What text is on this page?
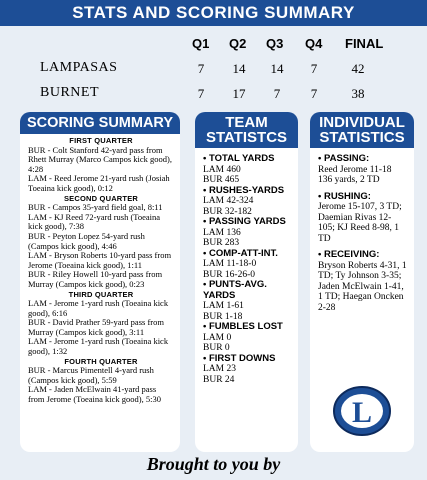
STATS AND SCORING SUMMARY
Q1 Q2 Q3 Q4 FINAL
LAMPASAS	7	14	14	7	42
BURNET	7	17	7	7	38
SCORING SUMMARY
FIRST QUARTER
BUR - Colt Stanford 42-yard pass from Rhett Murray (Marco Campos kick good), 4:28
LAM - Reed Jerome 21-yard rush (Josiah Toeaina kick good), 0:12
SECOND QUARTER
BUR - Campos 35-yard field goal, 8:11
LAM - KJ Reed 72-yard rush (Toeaina kick good), 7:38
BUR - Peyton Lopez 54-yard rush (Campos kick good), 4:46
LAM - Bryson Roberts 10-yard pass from Jerome (Toeaina kick good), 1:11
BUR - Riley Howell 10-yard pass from Murray (Campos kick good), 0:23
THIRD QUARTER
LAM - Jerome 1-yard rush (Toeaina kick good), 6:16
BUR - David Prather 59-yard pass from Murray (Campos kick good), 3:11
LAM - Jerome 1-yard rush (Toeaina kick good), 1:32
FOURTH QUARTER
BUR - Marcus Pimentell 4-yard rush (Campos kick good), 5:59
LAM - Jaden McElwain 41-yard pass from Jerome (Toeaina kick good), 5:30
TEAM
STATISTCS
• TOTAL YARDS
LAM 460
BUR 465
• RUSHES-YARDS
LAM 42-324
BUR 32-182
• PASSING YARDS
LAM 136
BUR 283
• COMP-ATT-INT.
LAM 11-18-0
BUR 16-26-0
• PUNTS-AVG. YARDS
LAM 1-61
BUR 1-18
• FUMBLES LOST
LAM 0
BUR 0
• FIRST DOWNS
LAM 23
BUR 24
INDIVIDUAL
STATISTICS
• PASSING:
Reed Jerome 11-18 136 yards, 2 TD
• RUSHING:
Jerome 15-107, 3 TD; Daemian Rivas 12-105; KJ Reed 8-98, 1 TD
• RECEIVING:
Bryson Roberts 4-31, 1 TD; Ty Johnson 3-35; Jaden McElwain 1-41, 1 TD; Haegan Oncken 2-28
L
Brought to you by
